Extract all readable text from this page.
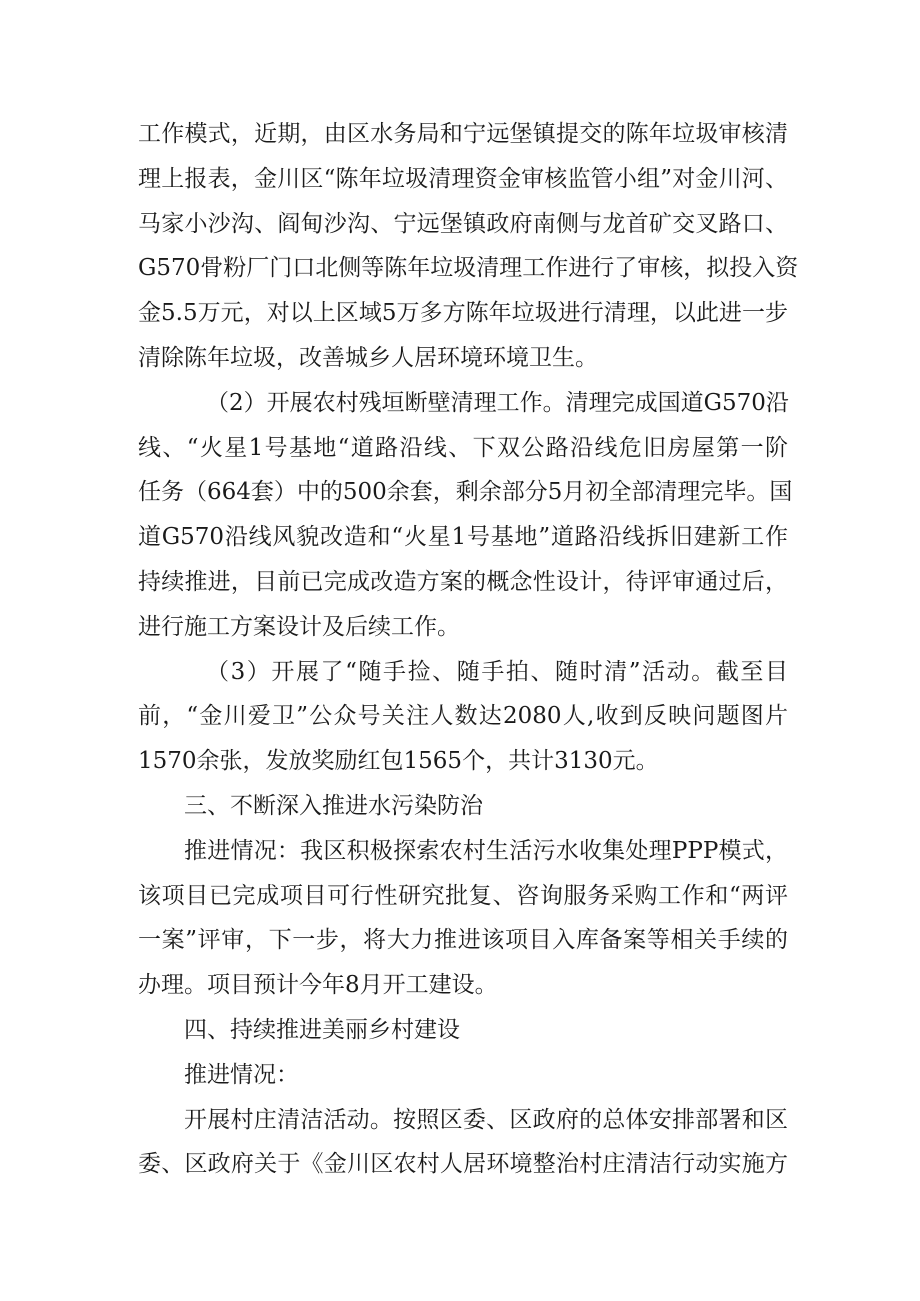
工作模式，近期，由区水务局和宁远堡镇提交的陈年垃圾审核清
理上报表，金川区“陈年垃圾清理资金审核监管小组”对金川河、
马家小沙沟、阎甸沙沟、宁远堡镇政府南侧与龙首矿交叉路口、
G570骨粉厂门口北侧等陈年垃圾清理工作进行了审核，拟投入资
金5.5万元，对以上区域5万多方陈年垃圾进行清理，以此进一步
清除陈年垃圾，改善城乡人居环境环境卫生。
（2）开展农村残垣断壁清理工作。清理完成国道G570沿
线、“火星1号基地“道路沿线、下双公路沿线危旧房屋第一阶
任务（664套）中的500余套，剩余部分5月初全部清理完毕。国
道G570沿线风貌改造和“火星1号基地”道路沿线拆旧建新工作
持续推进，目前已完成改造方案的概念性设计，待评审通过后，
进行施工方案设计及后续工作。
（3）开展了“随手捡、随手拍、随时清”活动。截至目
前，“金川爱卫”公众号关注人数达2080人,收到反映问题图片
1570余张，发放奖励红包1565个，共计3130元。
三、不断深入推进水污染防治
推进情况：我区积极探索农村生活污水收集处理PPP模式，
该项目已完成项目可行性研究批复、咨询服务采购工作和“两评
一案”评审，下一步，将大力推进该项目入库备案等相关手续的
办理。项目预计今年8月开工建设。
四、持续推进美丽乡村建设
推进情况：
开展村庄清洁活动。按照区委、区政府的总体安排部署和区
委、区政府关于《金川区农村人居环境整治村庄清洁行动实施方
